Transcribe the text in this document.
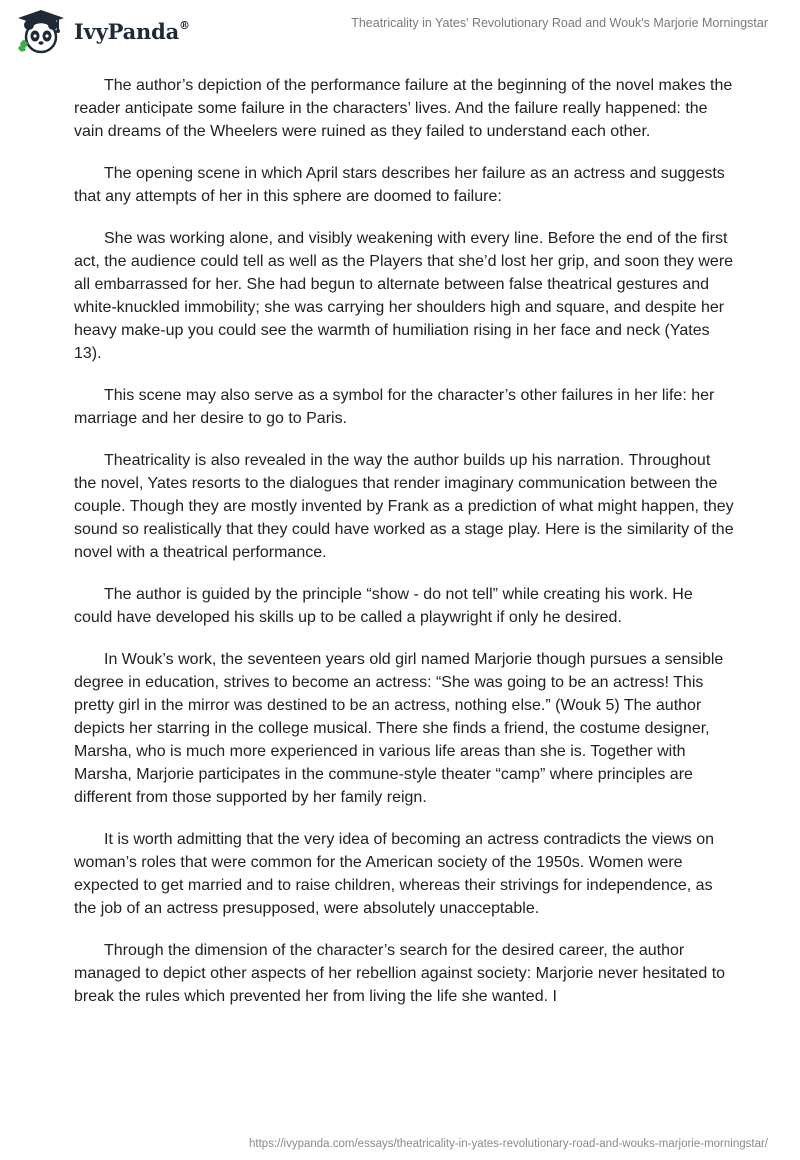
IvyPanda®	Theatricality in Yates' Revolutionary Road and Wouk's Marjorie Morningstar

The author’s depiction of the performance failure at the beginning of the novel makes the reader anticipate some failure in the characters’ lives. And the failure really happened: the vain dreams of the Wheelers were ruined as they failed to understand each other.

The opening scene in which April stars describes her failure as an actress and suggests that any attempts of her in this sphere are doomed to failure:

She was working alone, and visibly weakening with every line. Before the end of the first act, the audience could tell as well as the Players that she’d lost her grip, and soon they were all embarrassed for her. She had begun to alternate between false theatrical gestures and white-knuckled immobility; she was carrying her shoulders high and square, and despite her heavy make-up you could see the warmth of humiliation rising in her face and neck (Yates 13).

This scene may also serve as a symbol for the character’s other failures in her life: her marriage and her desire to go to Paris.

Theatricality is also revealed in the way the author builds up his narration. Throughout the novel, Yates resorts to the dialogues that render imaginary communication between the couple. Though they are mostly invented by Frank as a prediction of what might happen, they sound so realistically that they could have worked as a stage play. Here is the similarity of the novel with a theatrical performance.

The author is guided by the principle “show - do not tell” while creating his work. He could have developed his skills up to be called a playwright if only he desired.

In Wouk’s work, the seventeen years old girl named Marjorie though pursues a sensible degree in education, strives to become an actress: “She was going to be an actress! This pretty girl in the mirror was destined to be an actress, nothing else.” (Wouk 5) The author depicts her starring in the college musical. There she finds a friend, the costume designer, Marsha, who is much more experienced in various life areas than she is. Together with Marsha, Marjorie participates in the commune-style theater “camp” where principles are different from those supported by her family reign.

It is worth admitting that the very idea of becoming an actress contradicts the views on woman’s roles that were common for the American society of the 1950s. Women were expected to get married and to raise children, whereas their strivings for independence, as the job of an actress presupposed, were absolutely unacceptable.

Through the dimension of the character’s search for the desired career, the author managed to depict other aspects of her rebellion against society: Marjorie never hesitated to break the rules which prevented her from living the life she wanted. I

https://ivypanda.com/essays/theatricality-in-yates-revolutionary-road-and-wouks-marjorie-morningstar/
